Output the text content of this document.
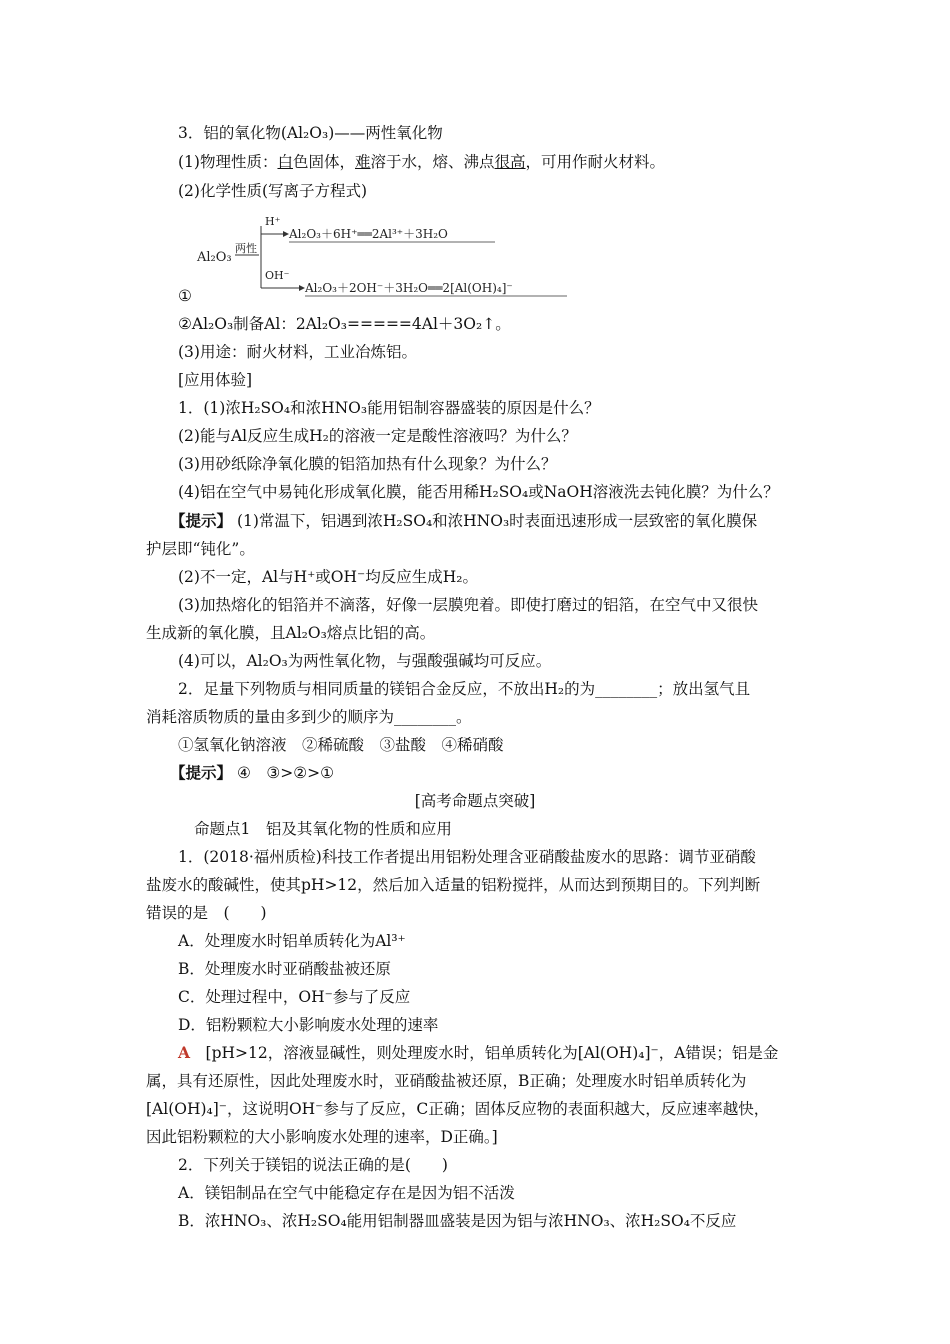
3．铝的氧化物(Al₂O₃)——两性氧化物
(1)物理性质：白色固体，难溶于水，熔、沸点很高，可用作耐火材料。
(2)化学性质(写离子方程式)
Al₂O₃
两性
H⁺
Al₂O₃＋6H⁺══2Al³⁺＋3H₂O
OH⁻
Al₂O₃＋2OH⁻＋3H₂O══2[Al(OH)₄]⁻
①
②Al₂O₃制备Al：2Al₂O₃=====4Al＋3O₂↑。
(3)用途：耐火材料，工业冶炼铝。
[应用体验]
1．(1)浓H₂SO₄和浓HNO₃能用铝制容器盛装的原因是什么？
(2)能与Al反应生成H₂的溶液一定是酸性溶液吗？为什么？
(3)用砂纸除净氧化膜的铝箔加热有什么现象？为什么？
(4)铝在空气中易钝化形成氧化膜，能否用稀H₂SO₄或NaOH溶液洗去钝化膜？为什么？
【提示】 (1)常温下，铝遇到浓H₂SO₄和浓HNO₃时表面迅速形成一层致密的氧化膜保
护层即“钝化”。
(2)不一定，Al与H⁺或OH⁻均反应生成H₂。
(3)加热熔化的铝箔并不滴落，好像一层膜兜着。即使打磨过的铝箔，在空气中又很快
生成新的氧化膜，且Al₂O₃熔点比铝的高。
(4)可以，Al₂O₃为两性氧化物，与强酸强碱均可反应。
2．足量下列物质与相同质量的镁铝合金反应，不放出H₂的为________；放出氢气且
消耗溶质物质的量由多到少的顺序为________。
①氢氧化钠溶液　②稀硫酸　③盐酸　④稀硝酸
【提示】 ④　③>②>①
[高考命题点突破]
命题点1　铝及其氧化物的性质和应用
1．(2018·福州质检)科技工作者提出用铝粉处理含亚硝酸盐废水的思路：调节亚硝酸
盐废水的酸碱性，使其pH>12，然后加入适量的铝粉搅拌，从而达到预期目的。下列判断
错误的是　(　　)
A．处理废水时铝单质转化为Al³⁺
B．处理废水时亚硝酸盐被还原
C．处理过程中，OH⁻参与了反应
D．铝粉颗粒大小影响废水处理的速率
A　[pH>12，溶液显碱性，则处理废水时，铝单质转化为[Al(OH)₄]⁻，A错误；铝是金
属，具有还原性，因此处理废水时，亚硝酸盐被还原，B正确；处理废水时铝单质转化为
[Al(OH)₄]⁻，这说明OH⁻参与了反应，C正确；固体反应物的表面积越大，反应速率越快，
因此铝粉颗粒的大小影响废水处理的速率，D正确。]
2．下列关于镁铝的说法正确的是(　　)
A．镁铝制品在空气中能稳定存在是因为铝不活泼
B．浓HNO₃、浓H₂SO₄能用铝制器皿盛装是因为铝与浓HNO₃、浓H₂SO₄不反应
